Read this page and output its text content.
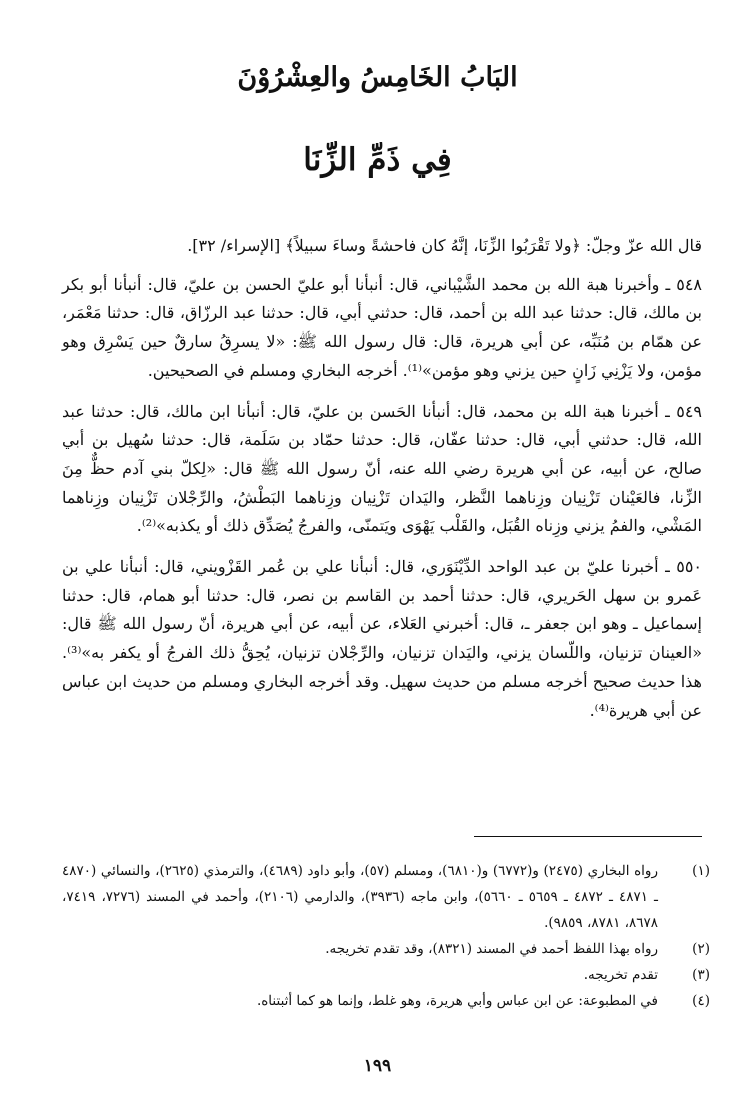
البَابُ الخَامِسُ والعِشْرُوْنَ
فِي ذَمِّ الزِّنَا

قال الله عزّ وجلّ: ﴿ولا تَقْرَبُوا الزِّنَا، إنَّهُ كان فاحشةً وساءَ سبيلاً﴾ [الإسراء/ ٣٢].

٥٤٨ ـ وأخبرنا هبة الله بن محمد الشَّيْباني، قال: أنبأنا أبو عليّ الحسن بن عليّ، قال: أنبأنا أبو بكر بن مالك، قال: حدثنا عبد الله بن أحمد، قال: حدثني أبي، قال: حدثنا عبد الرزّاق، قال: حدثنا مَعْمَر، عن همّام بن مُنَبِّه، عن أبي هريرة، قال: قال رسول الله ﷺ: «لا يسرِقُ سارقٌ حين يَسْرِق وهو مؤمن، ولا يَزْنِي زَانٍ حين يزني وهو مؤمن»⁽¹⁾. أخرجه البخاري ومسلم في الصحيحين.

٥٤٩ ـ أخبرنا هبة الله بن محمد، قال: أنبأنا الحَسن بن عليّ، قال: أنبأنا ابن مالك، قال: حدثنا عبد الله، قال: حدثني أبي، قال: حدثنا عفّان، قال: حدثنا حمّاد بن سَلَمة، قال: حدثنا سُهيل بن أبي صالح، عن أبيه، عن أبي هريرة رضي الله عنه، أنّ رسول الله ﷺ قال: «لِكلّ بني آدم حظٌّ مِنَ الزِّنا، فالعَيْنان تَزْنِيان وزِناهما النَّظر، واليَدان تَزْنِيان وزِناهما البَطْشُ، والرِّجْلان تَزْنِيان وزِناهما المَشْي، والفمُ يزني وزِناه القُبَل، والقَلْب يَهْوَى ويَتمنّى، والفرجُ يُصَدِّق ذلك أو يكذبه»⁽²⁾.

٥٥٠ ـ أخبرنا عليّ بن عبد الواحد الدِّيْنَوَري، قال: أنبأنا علي بن عُمر القَزْويني، قال: أنبأنا علي بن عَمرو بن سهل الحَريري، قال: حدثنا أحمد بن القاسم بن نصر، قال: حدثنا أبو همام، قال: حدثنا إسماعيل ـ وهو ابن جعفر ـ، قال: أخبرني العَلاء، عن أبيه، عن أبي هريرة، أنّ رسول الله ﷺ قال: «العينان تزنيان، واللّسان يزني، واليَدان تزنيان، والرِّجْلان تزنيان، يُحِقُّ ذلك الفرجُ أو يكفر به»⁽³⁾. هذا حديث صحيح أخرجه مسلم من حديث سهيل. وقد أخرجه البخاري ومسلم من حديث ابن عباس عن أبي هريرة⁽⁴⁾.

(١)
رواه البخاري (٢٤٧٥) و(٦٧٧٢) و(٦٨١٠)، ومسلم (٥٧)، وأبو داود (٤٦٨٩)، والترمذي (٢٦٢٥)، والنسائي (٤٨٧٠ ـ ٤٨٧١ ـ ٤٨٧٢ ـ ٥٦٥٩ ـ ٥٦٦٠)، وابن ماجه (٣٩٣٦)، والدارمي (٢١٠٦)، وأحمد في المسند (٧٢٧٦، ٧٤١٩، ٨٦٧٨، ٨٧٨١، ٩٨٥٩).
(٢)
رواه بهذا اللفظ أحمد في المسند (٨٣٢١)، وقد تقدم تخريجه.
(٣)
تقدم تخريجه.
(٤)
في المطبوعة: عن ابن عباس وأبي هريرة، وهو غلط، وإنما هو كما أثبتناه.
١٩٩
